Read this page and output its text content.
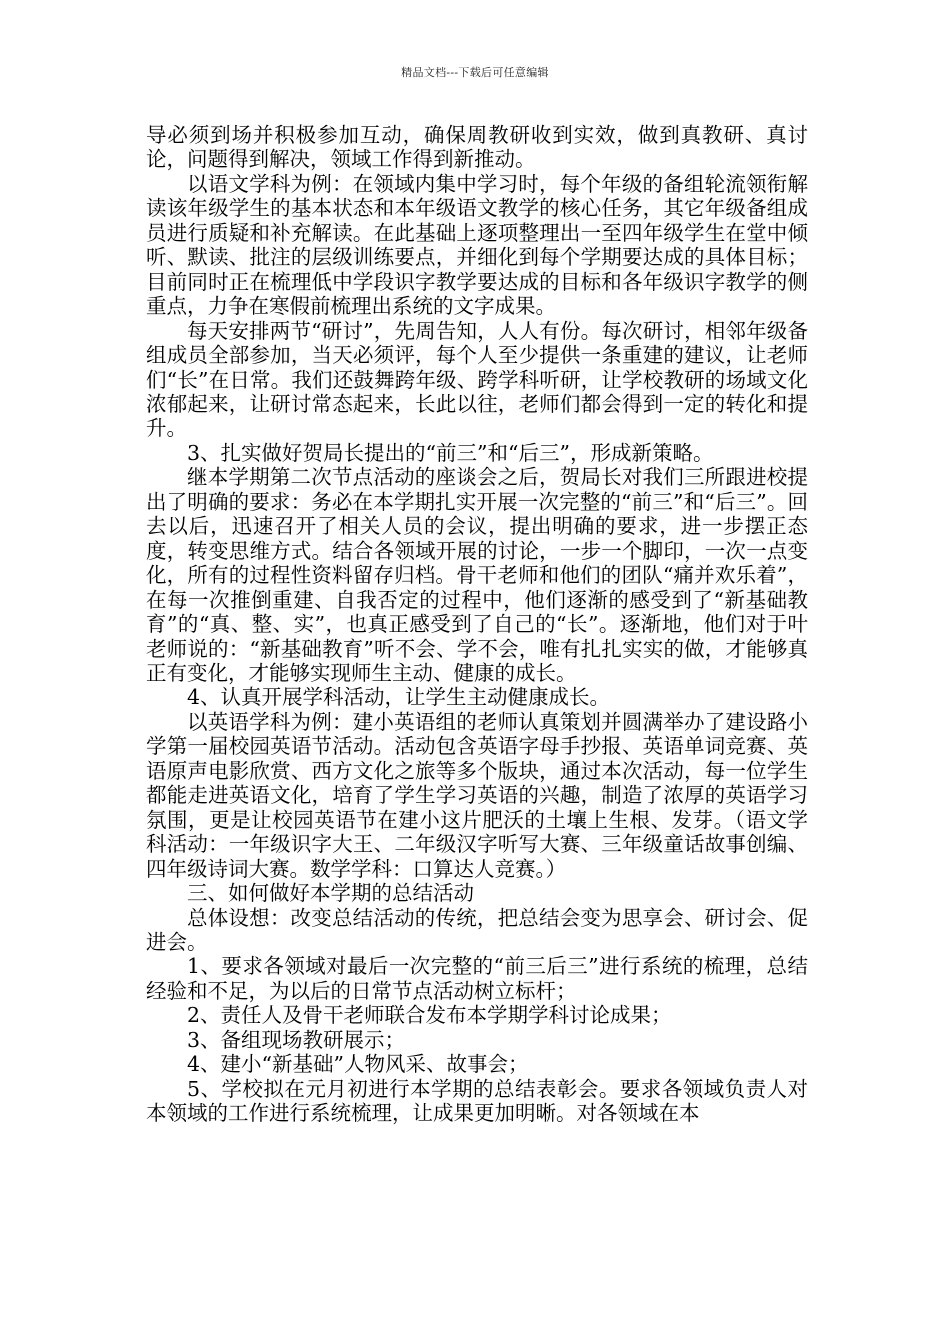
精品文档---下载后可任意编辑

导必须到场并积极参加互动，确保周教研收到实效，做到真教研、真讨论，问题得到解决，领域工作得到新推动。

以语文学科为例：在领域内集中学习时，每个年级的备组轮流领衔解读该年级学生的基本状态和本年级语文教学的核心任务，其它年级备组成员进行质疑和补充解读。在此基础上逐项整理出一至四年级学生在堂中倾听、默读、批注的层级训练要点，并细化到每个学期要达成的具体目标；目前同时正在梳理低中学段识字教学要达成的目标和各年级识字教学的侧重点，力争在寒假前梳理出系统的文字成果。

每天安排两节“研讨”，先周告知，人人有份。每次研讨，相邻年级备组成员全部参加，当天必须评，每个人至少提供一条重建的建议，让老师们“长”在日常。我们还鼓舞跨年级、跨学科听研，让学校教研的场域文化浓郁起来，让研讨常态起来，长此以往，老师们都会得到一定的转化和提升。

3、扎实做好贺局长提出的“前三”和“后三”，形成新策略。

继本学期第二次节点活动的座谈会之后，贺局长对我们三所跟进校提出了明确的要求：务必在本学期扎实开展一次完整的“前三”和“后三”。回去以后，迅速召开了相关人员的会议，提出明确的要求，进一步摆正态度，转变思维方式。结合各领域开展的讨论，一步一个脚印，一次一点变化，所有的过程性资料留存归档。骨干老师和他们的团队“痛并欢乐着”，在每一次推倒重建、自我否定的过程中，他们逐渐的感受到了“新基础教育”的“真、整、实”，也真正感受到了自己的“长”。逐渐地，他们对于叶老师说的：“新基础教育”听不会、学不会，唯有扎扎实实的做，才能够真正有变化，才能够实现师生主动、健康的成长。

4、认真开展学科活动，让学生主动健康成长。

以英语学科为例：建小英语组的老师认真策划并圆满举办了建设路小学第一届校园英语节活动。活动包含英语字母手抄报、英语单词竞赛、英语原声电影欣赏、西方文化之旅等多个版块，通过本次活动，每一位学生都能走进英语文化，培育了学生学习英语的兴趣，制造了浓厚的英语学习氛围，更是让校园英语节在建小这片肥沃的土壤上生根、发芽。（语文学科活动：一年级识字大王、二年级汉字听写大赛、三年级童话故事创编、四年级诗词大赛。数学学科：口算达人竞赛。）

三、如何做好本学期的总结活动

总体设想：改变总结活动的传统，把总结会变为思享会、研讨会、促进会。

1、要求各领域对最后一次完整的“前三后三”进行系统的梳理，总结经验和不足，为以后的日常节点活动树立标杆；

2、责任人及骨干老师联合发布本学期学科讨论成果；

3、备组现场教研展示；

4、建小“新基础”人物风采、故事会；

5、学校拟在元月初进行本学期的总结表彰会。要求各领域负责人对本领域的工作进行系统梳理，让成果更加明晰。对各领域在本
